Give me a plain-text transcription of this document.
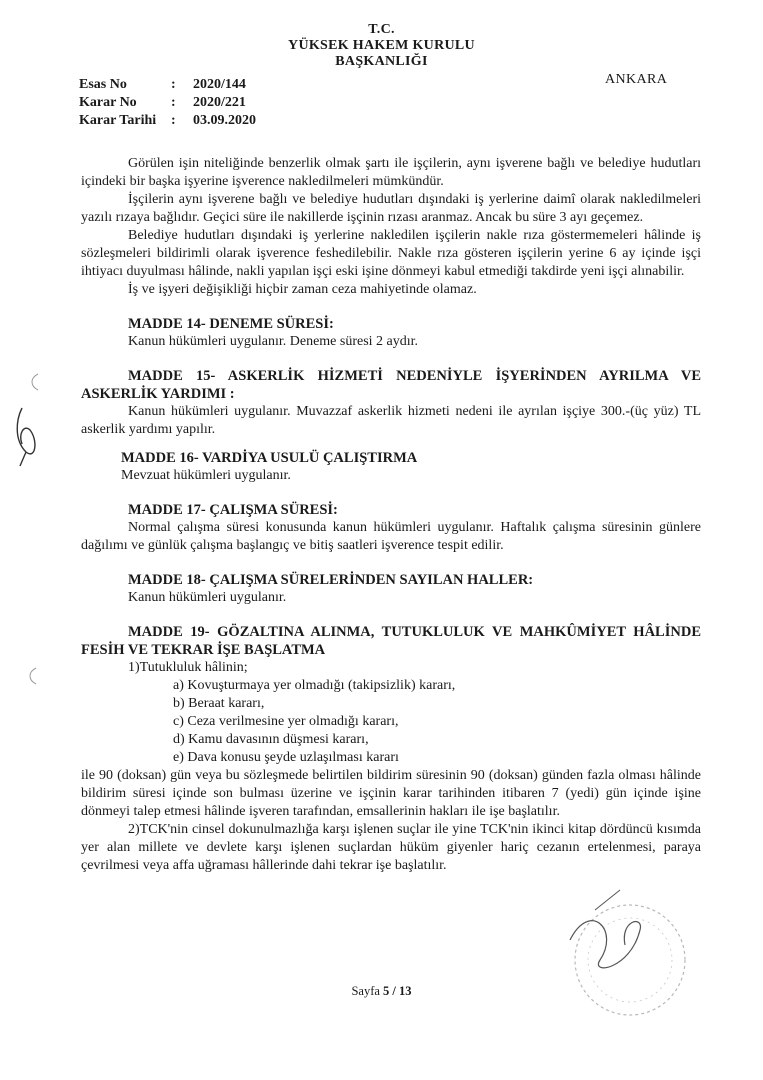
T.C.
YÜKSEK HAKEM KURULU
BAŞKANLIĞI
Esas No	:	2020/144
Karar No	:	2020/221
Karar Tarihi	:	03.09.2020
ANKARA

Görülen işin niteliğinde benzerlik olmak şartı ile işçilerin, aynı işverene bağlı ve belediye hudutları içindeki bir başka işyerine işverence nakledilmeleri mümkündür.

İşçilerin aynı işverene bağlı ve belediye hudutları dışındaki iş yerlerine daimî olarak nakledilmeleri yazılı rızaya bağlıdır. Geçici süre ile nakillerde işçinin rızası aranmaz. Ancak bu süre 3 ayı geçemez.

Belediye hudutları dışındaki iş yerlerine nakledilen işçilerin nakle rıza göstermemeleri hâlinde iş sözleşmeleri bildirimli olarak işverence feshedilebilir. Nakle rıza gösteren işçilerin yerine 6 ay içinde işçi ihtiyacı duyulması hâlinde, nakli yapılan işçi eski işine dönmeyi kabul etmediği takdirde yeni işçi alınabilir.

İş ve işyeri değişikliği hiçbir zaman ceza mahiyetinde olamaz.

MADDE 14- DENEME SÜRESİ:

Kanun hükümleri uygulanır. Deneme süresi 2 aydır.

MADDE 15- ASKERLİK HİZMETİ NEDENİYLE İŞYERİNDEN AYRILMA VE ASKERLİK YARDIMI :

Kanun hükümleri uygulanır. Muvazzaf askerlik hizmeti nedeni ile ayrılan işçiye 300.-(üç yüz) TL askerlik yardımı yapılır.

MADDE 16- VARDİYA USULÜ ÇALIŞTIRMA

Mevzuat hükümleri uygulanır.

MADDE 17- ÇALIŞMA SÜRESİ:

Normal çalışma süresi konusunda kanun hükümleri uygulanır. Haftalık çalışma süresinin günlere dağılımı ve günlük çalışma başlangıç ve bitiş saatleri işverence tespit edilir.

MADDE 18- ÇALIŞMA SÜRELERİNDEN SAYILAN HALLER:

Kanun hükümleri uygulanır.

MADDE 19- GÖZALTINA ALINMA, TUTUKLULUK VE MAHKÛMİYET HÂLİNDE FESİH VE TEKRAR İŞE BAŞLATMA

1)Tutukluluk hâlinin;

a) Kovuşturmaya yer olmadığı (takipsizlik) kararı,
b) Beraat kararı,
c) Ceza verilmesine yer olmadığı kararı,
d) Kamu davasının düşmesi kararı,
e) Dava konusu şeyde uzlaşılması kararı

ile 90 (doksan) gün veya bu sözleşmede belirtilen bildirim süresinin 90 (doksan) günden fazla olması hâlinde bildirim süresi içinde son bulması üzerine ve işçinin karar tarihinden itibaren 7 (yedi) gün içinde işine dönmeyi talep etmesi hâlinde işveren tarafından, emsallerinin hakları ile işe başlatılır.

2)TCK'nin cinsel dokunulmazlığa karşı işlenen suçlar ile yine TCK'nin ikinci kitap dördüncü kısımda yer alan millete ve devlete karşı işlenen suçlardan hüküm giyenler hariç cezanın ertelenmesi, paraya çevrilmesi veya affa uğraması hâllerinde dahi tekrar işe başlatılır.

Sayfa 5 / 13
